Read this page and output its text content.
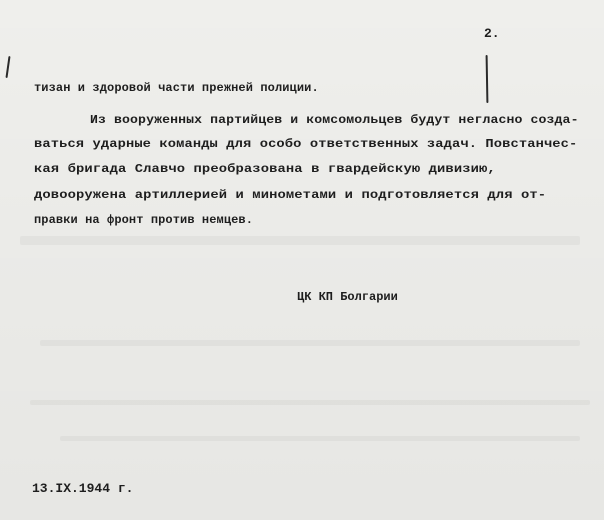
2.
тизан и здоровой части прежней полиции.
Из вооруженных партийцев и комсомольцев будут негласно созда-
ваться ударные команды для особо ответственных задач. Повстанчес-
кая бригада Славчо преобразована в гвардейскую дивизию,
довооружена артиллерией и минометами и подготовляется для от-
правки на фронт против немцев.
ЦК КП Болгарии
13.IX.1944 г.
